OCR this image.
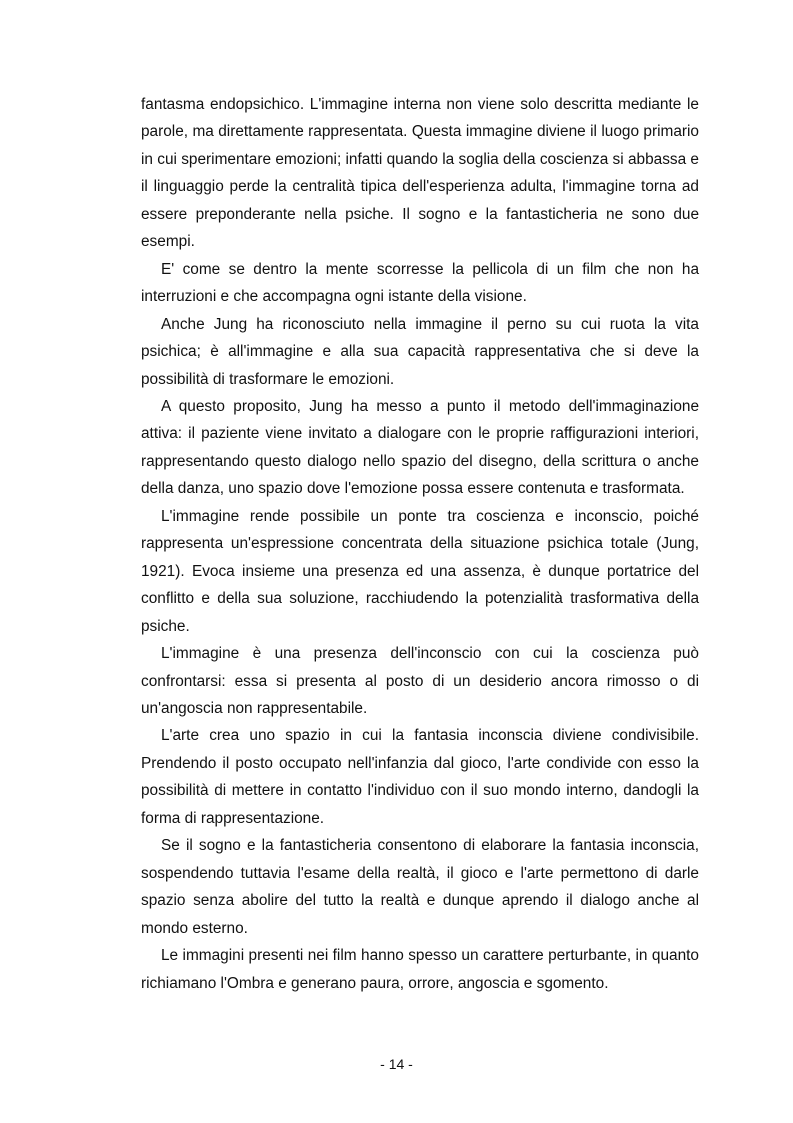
fantasma endopsichico. L'immagine interna non viene solo descritta mediante le parole, ma direttamente rappresentata. Questa immagine diviene il luogo primario in cui sperimentare emozioni; infatti quando la soglia della coscienza si abbassa e il linguaggio perde la centralità tipica dell'esperienza adulta, l'immagine torna ad essere preponderante nella psiche. Il sogno e la fantasticheria ne sono due esempi.

E' come se dentro la mente scorresse la pellicola di un film che non ha interruzioni e che accompagna ogni istante della visione.

Anche Jung ha riconosciuto nella immagine il perno su cui ruota la vita psichica; è all'immagine e alla sua capacità rappresentativa che si deve la possibilità di trasformare le emozioni.

A questo proposito, Jung ha messo a punto il metodo dell'immaginazione attiva: il paziente viene invitato a dialogare con le proprie raffigurazioni interiori, rappresentando questo dialogo nello spazio del disegno, della scrittura o anche della danza, uno spazio dove l'emozione possa essere contenuta e trasformata.

L'immagine rende possibile un ponte tra coscienza e inconscio, poiché rappresenta un'espressione concentrata della situazione psichica totale (Jung, 1921). Evoca insieme una presenza ed una assenza, è dunque portatrice del conflitto e della sua soluzione, racchiudendo la potenzialità trasformativa della psiche.

L'immagine è una presenza dell'inconscio con cui la coscienza può confrontarsi: essa si presenta al posto di un desiderio ancora rimosso o di un'angoscia non rappresentabile.

L'arte crea uno spazio in cui la fantasia inconscia diviene condivisibile. Prendendo il posto occupato nell'infanzia dal gioco, l'arte condivide con esso la possibilità di mettere in contatto l'individuo con il suo mondo interno, dandogli la forma di rappresentazione.

Se il sogno e la fantasticheria consentono di elaborare la fantasia inconscia, sospendendo tuttavia l'esame della realtà, il gioco e l'arte permettono di darle spazio senza abolire del tutto la realtà e dunque aprendo il dialogo anche al mondo esterno.

Le immagini presenti nei film hanno spesso un carattere perturbante, in quanto richiamano l'Ombra e generano paura, orrore, angoscia e sgomento.

- 14 -
